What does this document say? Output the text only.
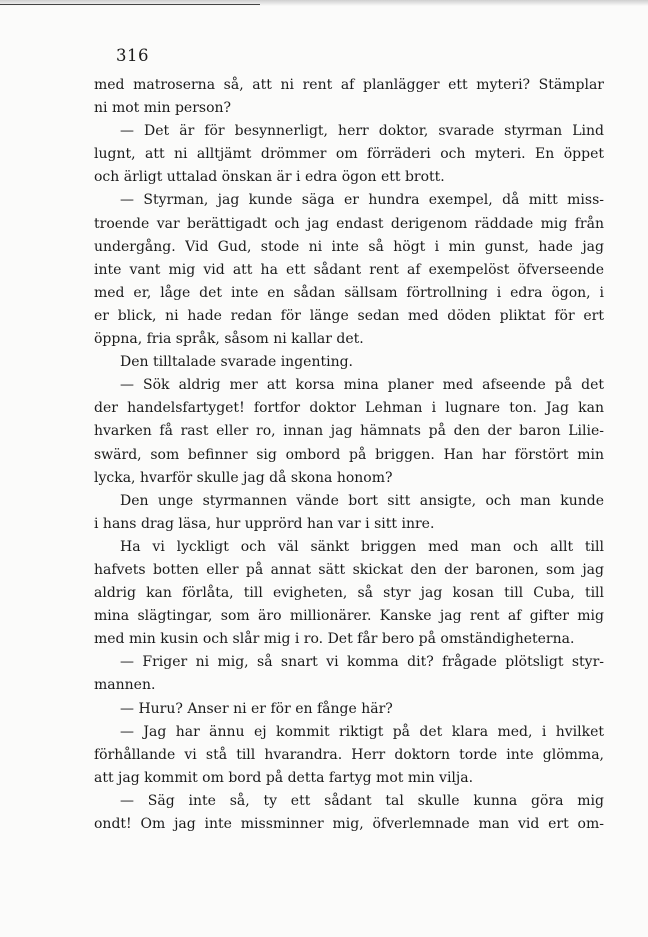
316
med matroserna så, att ni rent af planlägger ett myteri? Stämplar
ni mot min person?
— Det är för besynnerligt, herr doktor, svarade styrman Lind
lugnt, att ni alltjämt drömmer om förräderi och myteri. En öppet
och ärligt uttalad önskan är i edra ögon ett brott.
— Styrman, jag kunde säga er hundra exempel, då mitt miss-
troende var berättigadt och jag endast derigenom räddade mig från
undergång. Vid Gud, stode ni inte så högt i min gunst, hade jag
inte vant mig vid att ha ett sådant rent af exempelöst öfverseende
med er, låge det inte en sådan sällsam förtrollning i edra ögon, i
er blick, ni hade redan för länge sedan med döden pliktat för ert
öppna, fria språk, såsom ni kallar det.
Den tilltalade svarade ingenting.
— Sök aldrig mer att korsa mina planer med afseende på det
der handelsfartyget! fortfor doktor Lehman i lugnare ton. Jag kan
hvarken få rast eller ro, innan jag hämnats på den der baron Lilie-
swärd, som befinner sig ombord på briggen. Han har förstört min
lycka, hvarför skulle jag då skona honom?
Den unge styrmannen vände bort sitt ansigte, och man kunde
i hans drag läsa, hur upprörd han var i sitt inre.
Ha vi lyckligt och väl sänkt briggen med man och allt till
hafvets botten eller på annat sätt skickat den der baronen, som jag
aldrig kan förlåta, till evigheten, så styr jag kosan till Cuba, till
mina slägtingar, som äro millionärer. Kanske jag rent af gifter mig
med min kusin och slår mig i ro. Det får bero på omständigheterna.
— Friger ni mig, så snart vi komma dit? frågade plötsligt styr-
mannen.
— Huru? Anser ni er för en fånge här?
— Jag har ännu ej kommit riktigt på det klara med, i hvilket
förhållande vi stå till hvarandra. Herr doktorn torde inte glömma,
att jag kommit om bord på detta fartyg mot min vilja.
— Säg inte så, ty ett sådant tal skulle kunna göra mig
ondt! Om jag inte missminner mig, öfverlemnade man vid ert om-
